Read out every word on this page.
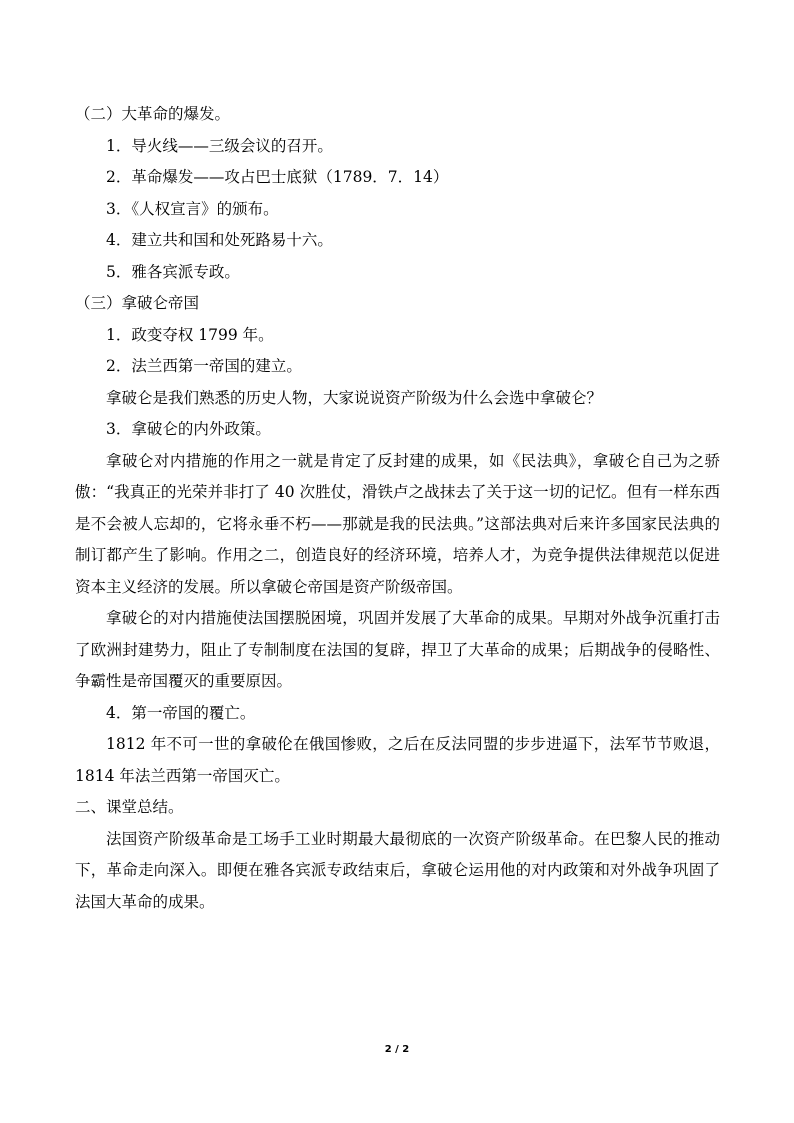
（二）大革命的爆发。
1．导火线——三级会议的召开。
2．革命爆发——攻占巴士底狱（1789．7．14）
3．《人权宣言》的颁布。
4．建立共和国和处死路易十六。
5．雅各宾派专政。
（三）拿破仑帝国
1．政变夺权 1799 年。
2．法兰西第一帝国的建立。
拿破仑是我们熟悉的历史人物，大家说说资产阶级为什么会选中拿破仑？
3．拿破仑的内外政策。
拿破仑对内措施的作用之一就是肯定了反封建的成果，如《民法典》，拿破仑自己为之骄傲：“我真正的光荣并非打了 40 次胜仗，滑铁卢之战抹去了关于这一切的记忆。但有一样东西是不会被人忘却的，它将永垂不朽——那就是我的民法典。”这部法典对后来许多国家民法典的制订都产生了影响。作用之二，创造良好的经济环境，培养人才，为竞争提供法律规范以促进资本主义经济的发展。所以拿破仑帝国是资产阶级帝国。
拿破仑的对内措施使法国摆脱困境，巩固并发展了大革命的成果。早期对外战争沉重打击了欧洲封建势力，阻止了专制制度在法国的复辟，捍卫了大革命的成果；后期战争的侵略性、争霸性是帝国覆灭的重要原因。
4．第一帝国的覆亡。
1812 年不可一世的拿破伦在俄国惨败，之后在反法同盟的步步进逼下，法军节节败退，1814 年法兰西第一帝国灭亡。
二、课堂总结。
法国资产阶级革命是工场手工业时期最大最彻底的一次资产阶级革命。在巴黎人民的推动下，革命走向深入。即便在雅各宾派专政结束后，拿破仑运用他的对内政策和对外战争巩固了法国大革命的成果。
2 / 2
